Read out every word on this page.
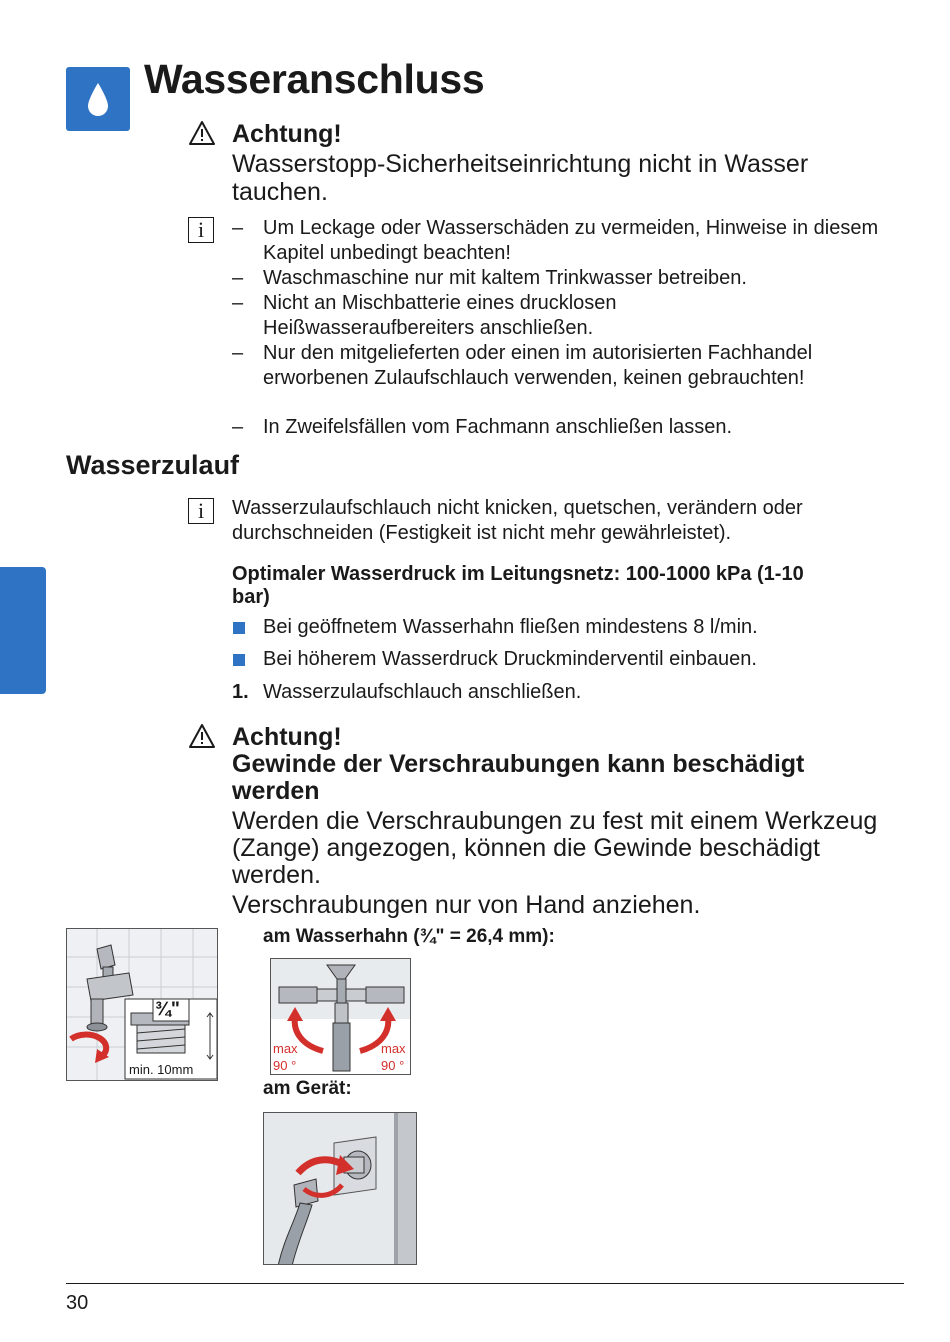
Wasseranschluss
Achtung!
Wasserstopp-Sicherheitseinrichtung nicht in Wasser tauchen.
i	– Um Leckage oder Wasserschäden zu vermeiden, Hinweise in diesem Kapitel unbedingt beachten!
– Waschmaschine nur mit kaltem Trinkwasser betreiben.
– Nicht an Mischbatterie eines drucklosen Heißwasseraufbereiters anschließen.
– Nur den mitgelieferten oder einen im autorisierten Fachhandel erworbenen Zulaufschlauch verwenden, keinen gebrauchten!
– In Zweifelsfällen vom Fachmann anschließen lassen.
Wasserzulauf
i	Wasserzulaufschlauch nicht knicken, quetschen, verändern oder durchschneiden (Festigkeit ist nicht mehr gewährleistet).
Optimaler Wasserdruck im Leitungsnetz: 100-1000 kPa (1-10 bar)
Bei geöffnetem Wasserhahn fließen mindestens 8 l/min.
Bei höherem Wasserdruck Druckminderventil einbauen.
1. Wasserzulaufschlauch anschließen.
Achtung!
Gewinde der Verschraubungen kann beschädigt werden
Werden die Verschraubungen zu fest mit einem Werkzeug (Zange) angezogen, können die Gewinde beschädigt werden.
Verschraubungen nur von Hand anziehen.
am Wasserhahn (¾" = 26,4 mm):
am Gerät:
¾"
min. 10mm
max
90 °
max
90 °
30
